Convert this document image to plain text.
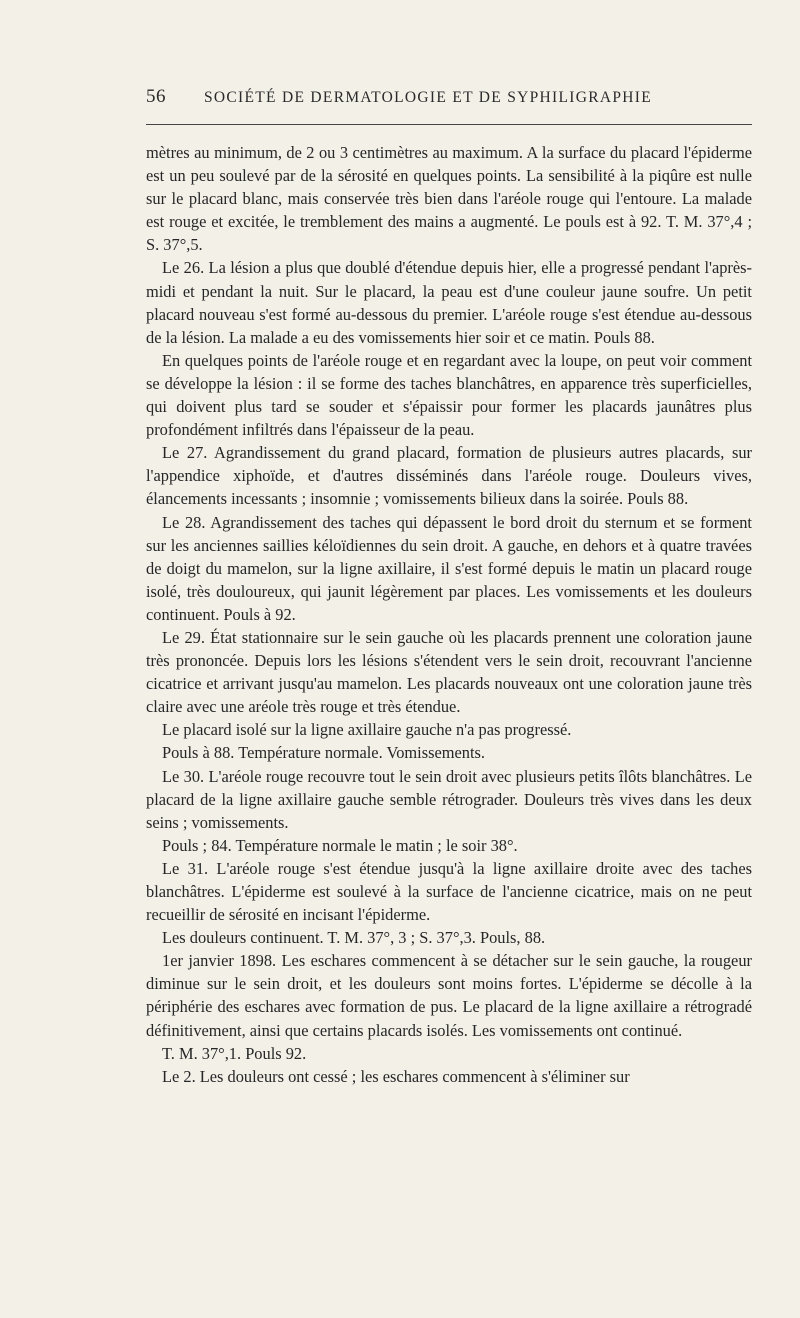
56 SOCIÉTÉ DE DERMATOLOGIE ET DE SYPHILIGRAPHIE

mètres au minimum, de 2 ou 3 centimètres au maximum. A la surface du placard l'épiderme est un peu soulevé par de la sérosité en quelques points. La sensibilité à la piqûre est nulle sur le placard blanc, mais conservée très bien dans l'aréole rouge qui l'entoure. La malade est rouge et excitée, le tremblement des mains a augmenté. Le pouls est à 92. T. M. 37°,4 ; S. 37°,5.

Le 26. La lésion a plus que doublé d'étendue depuis hier, elle a progressé pendant l'après-midi et pendant la nuit. Sur le placard, la peau est d'une couleur jaune soufre. Un petit placard nouveau s'est formé au-dessous du premier. L'aréole rouge s'est étendue au-dessous de la lésion. La malade a eu des vomissements hier soir et ce matin. Pouls 88.

En quelques points de l'aréole rouge et en regardant avec la loupe, on peut voir comment se développe la lésion : il se forme des taches blanchâtres, en apparence très superficielles, qui doivent plus tard se souder et s'épaissir pour former les placards jaunâtres plus profondément infiltrés dans l'épaisseur de la peau.

Le 27. Agrandissement du grand placard, formation de plusieurs autres placards, sur l'appendice xiphoïde, et d'autres disséminés dans l'aréole rouge. Douleurs vives, élancements incessants ; insomnie ; vomissements bilieux dans la soirée. Pouls 88.

Le 28. Agrandissement des taches qui dépassent le bord droit du sternum et se forment sur les anciennes saillies kéloïdiennes du sein droit. A gauche, en dehors et à quatre travées de doigt du mamelon, sur la ligne axillaire, il s'est formé depuis le matin un placard rouge isolé, très douloureux, qui jaunit légèrement par places. Les vomissements et les douleurs continuent. Pouls à 92.

Le 29. État stationnaire sur le sein gauche où les placards prennent une coloration jaune très prononcée. Depuis lors les lésions s'étendent vers le sein droit, recouvrant l'ancienne cicatrice et arrivant jusqu'au mamelon. Les placards nouveaux ont une coloration jaune très claire avec une aréole très rouge et très étendue.

Le placard isolé sur la ligne axillaire gauche n'a pas progressé.

Pouls à 88. Température normale. Vomissements.

Le 30. L'aréole rouge recouvre tout le sein droit avec plusieurs petits îlôts blanchâtres. Le placard de la ligne axillaire gauche semble rétrograder. Douleurs très vives dans les deux seins ; vomissements.

Pouls ; 84. Température normale le matin ; le soir 38°.

Le 31. L'aréole rouge s'est étendue jusqu'à la ligne axillaire droite avec des taches blanchâtres. L'épiderme est soulevé à la surface de l'ancienne cicatrice, mais on ne peut recueillir de sérosité en incisant l'épiderme.

Les douleurs continuent. T. M. 37°, 3 ; S. 37°,3. Pouls, 88.

1er janvier 1898. Les eschares commencent à se détacher sur le sein gauche, la rougeur diminue sur le sein droit, et les douleurs sont moins fortes. L'épiderme se décolle à la périphérie des eschares avec formation de pus. Le placard de la ligne axillaire a rétrogradé définitivement, ainsi que certains placards isolés. Les vomissements ont continué.

T. M. 37°,1. Pouls 92.

Le 2. Les douleurs ont cessé ; les eschares commencent à s'éliminer sur
